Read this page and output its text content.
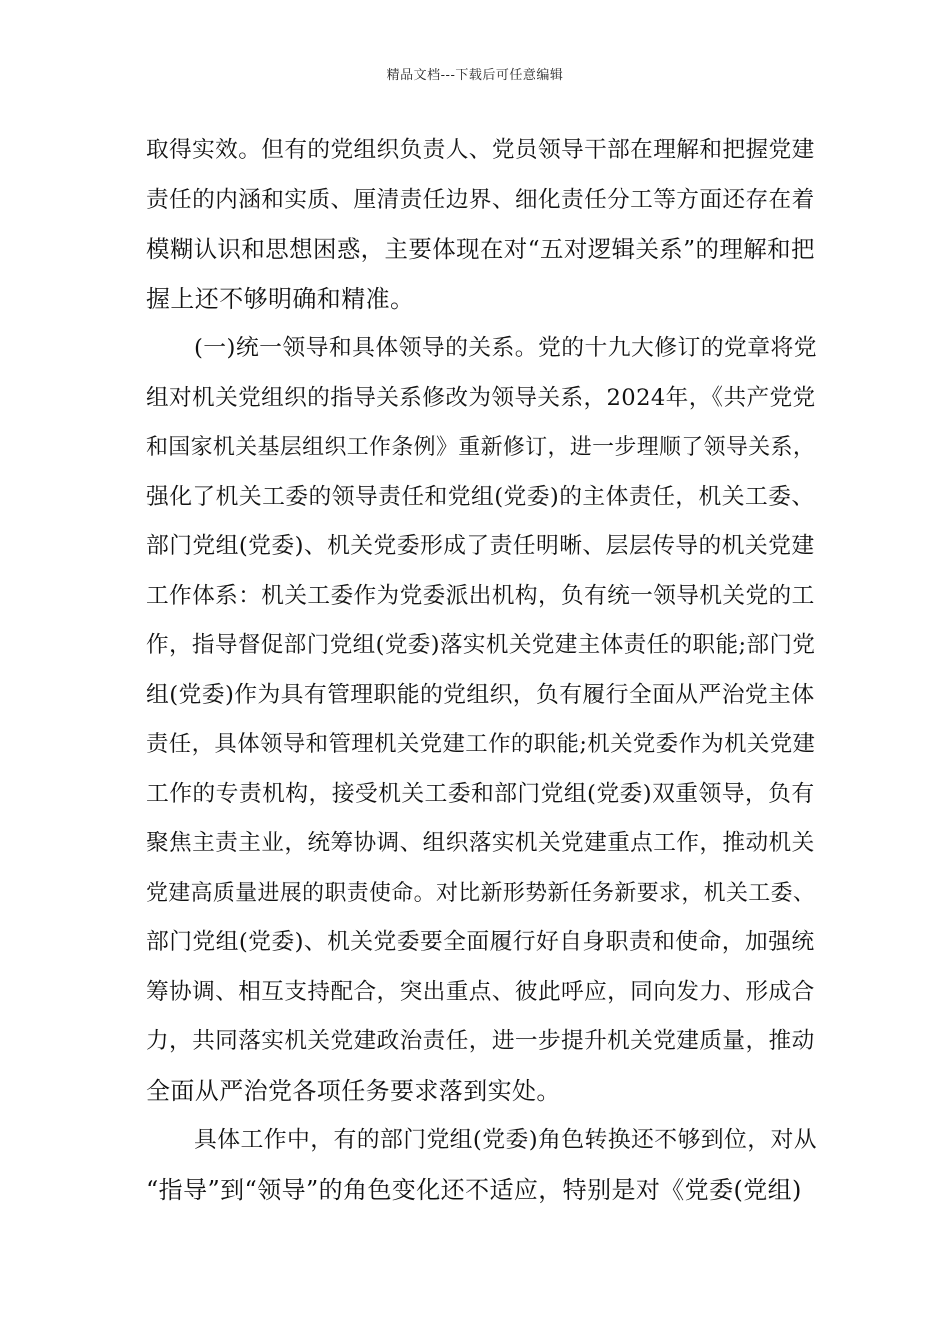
精品文档---下载后可任意编辑
取得实效。但有的党组织负责人、党员领导干部在理解和把握党建
责任的内涵和实质、厘清责任边界、细化责任分工等方面还存在着
模糊认识和思想困惑，主要体现在对“五对逻辑关系”的理解和把
握上还不够明确和精准。
(一)统一领导和具体领导的关系。党的十九大修订的党章将党
组对机关党组织的指导关系修改为领导关系，2024年，《共产党党
和国家机关基层组织工作条例》重新修订，进一步理顺了领导关系，
强化了机关工委的领导责任和党组(党委)的主体责任，机关工委、
部门党组(党委)、机关党委形成了责任明晰、层层传导的机关党建
工作体系：机关工委作为党委派出机构，负有统一领导机关党的工
作，指导督促部门党组(党委)落实机关党建主体责任的职能;部门党
组(党委)作为具有管理职能的党组织，负有履行全面从严治党主体
责任，具体领导和管理机关党建工作的职能;机关党委作为机关党建
工作的专责机构，接受机关工委和部门党组(党委)双重领导，负有
聚焦主责主业，统筹协调、组织落实机关党建重点工作，推动机关
党建高质量进展的职责使命。对比新形势新任务新要求，机关工委、
部门党组(党委)、机关党委要全面履行好自身职责和使命，加强统
筹协调、相互支持配合，突出重点、彼此呼应，同向发力、形成合
力，共同落实机关党建政治责任，进一步提升机关党建质量，推动
全面从严治党各项任务要求落到实处。
具体工作中，有的部门党组(党委)角色转换还不够到位，对从
“指导”到“领导”的角色变化还不适应，特别是对《党委(党组)
